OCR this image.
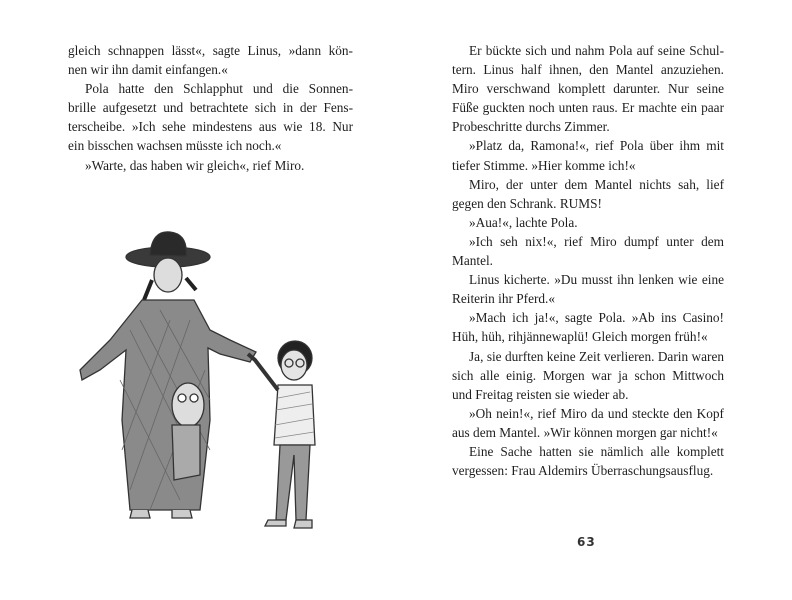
gleich schnappen lässt«, sagte Linus, »dann kön-
nen wir ihn damit einfangen.«
Pola hatte den Schlapphut und die Sonnen-
brille aufgesetzt und betrachtete sich in der Fens-
terscheibe. »Ich sehe mindestens aus wie 18. Nur
ein bisschen wachsen müsste ich noch.«
»Warte, das haben wir gleich«, rief Miro.
Er bückte sich und nahm Pola auf seine Schul-
tern. Linus half ihnen, den Mantel anzuziehen.
Miro verschwand komplett darunter. Nur seine
Füße guckten noch unten raus. Er machte ein paar
Probeschritte durchs Zimmer.
»Platz da, Ramona!«, rief Pola über ihm mit
tiefer Stimme. »Hier komme ich!«
Miro, der unter dem Mantel nichts sah, lief
gegen den Schrank. RUMS!
»Aua!«, lachte Pola.
»Ich seh nix!«, rief Miro dumpf unter dem
Mantel.
Linus kicherte. »Du musst ihn lenken wie eine
Reiterin ihr Pferd.«
»Mach ich ja!«, sagte Pola. »Ab ins Casino!
Hüh, hüh, rihjännewaplü! Gleich morgen früh!«
Ja, sie durften keine Zeit verlieren. Darin waren
sich alle einig. Morgen war ja schon Mittwoch
und Freitag reisten sie wieder ab.
»Oh nein!«, rief Miro da und steckte den Kopf
aus dem Mantel. »Wir können morgen gar nicht!«
Eine Sache hatten sie nämlich alle komplett
vergessen: Frau Aldemirs Überraschungsausflug.
63
